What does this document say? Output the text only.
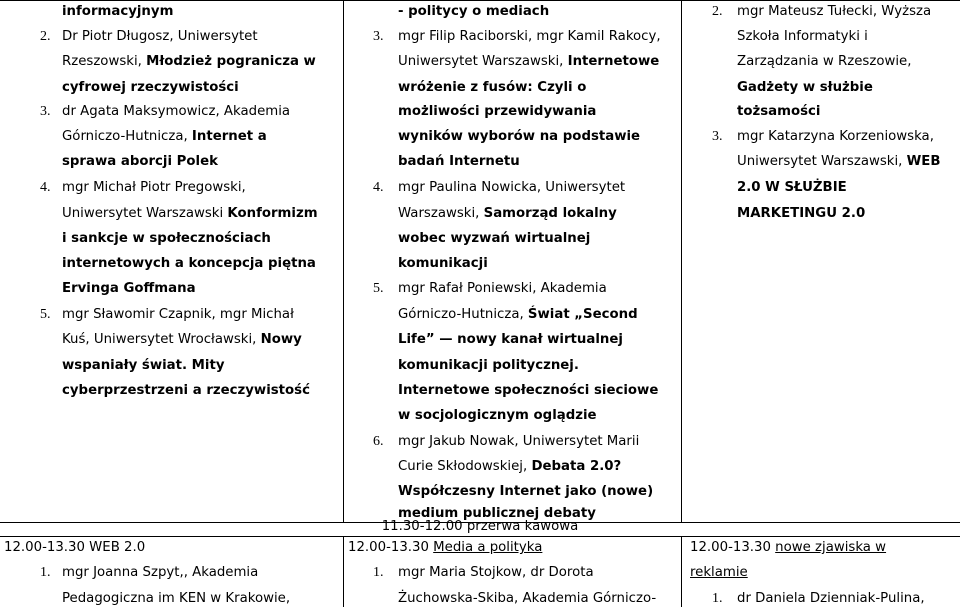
informacyjnym
2. Dr Piotr Długosz, Uniwersytet
Rzeszowski, Młodzież pogranicza w
cyfrowej rzeczywistości
3. dr Agata Maksymowicz, Akademia
Górniczo-Hutnicza, Internet a
sprawa aborcji Polek
4. mgr Michał Piotr Pregowski,
Uniwersytet Warszawski Konformizm
i sankcje w społecznościach
internetowych a koncepcja piętna
Ervinga Goffmana
5. mgr Sławomir Czapnik, mgr Michał
Kuś, Uniwersytet Wrocławski, Nowy
wspaniały świat. Mity
cyberprzestrzeni a rzeczywistość
- politycy o mediach
3. mgr Filip Raciborski, mgr Kamil Rakocy,
Uniwersytet Warszawski, Internetowe
wróżenie z fusów: Czyli o
możliwości przewidywania
wyników wyborów na podstawie
badań Internetu
4. mgr Paulina Nowicka, Uniwersytet
Warszawski, Samorząd lokalny
wobec wyzwań wirtualnej
komunikacji
5. mgr Rafał Poniewski, Akademia
Górniczo-Hutnicza, Świat „Second
Life” — nowy kanał wirtualnej
komunikacji politycznej.
Internetowe społeczności sieciowe
w socjologicznym oglądzie
6. mgr Jakub Nowak, Uniwersytet Marii
Curie Skłodowskiej, Debata 2.0?
Współczesny Internet jako (nowe)
medium publicznej debaty
2. mgr Mateusz Tułecki, Wyższa
Szkoła Informatyki i
Zarządzania w Rzeszowie,
Gadżety w służbie
tożsamości
3. mgr Katarzyna Korzeniowska,
Uniwersytet Warszawski, WEB
2.0 W SŁUŻBIE
MARKETINGU 2.0
11.30-12.00 przerwa kawowa
12.00-13.30 WEB 2.0
1. mgr Joanna Szpyt,, Akademia
Pedagogiczna im KEN w Krakowie,
12.00-13.30 Media a polityka
1. mgr Maria Stojkow, dr Dorota
Żuchowska-Skiba, Akademia Górniczo-
12.00-13.30 nowe zjawiska w
reklamie
1. dr Daniela Dzienniak-Pulina,
